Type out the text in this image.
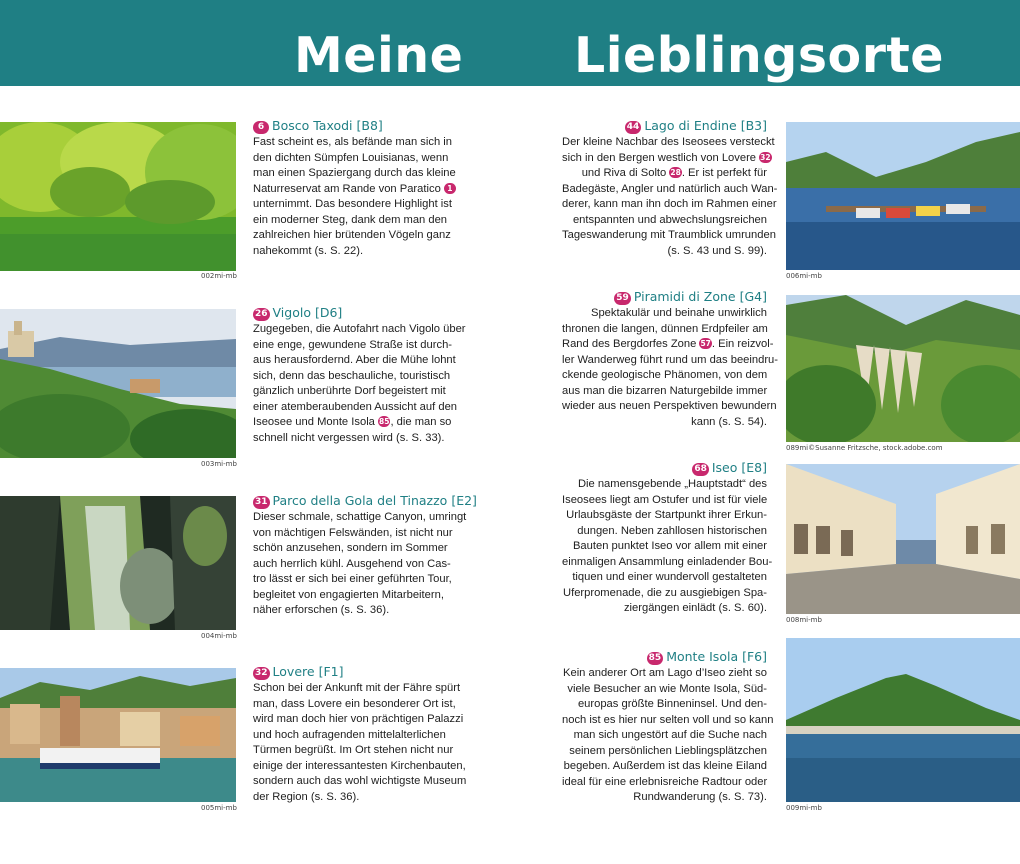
Meine Lieblingsorte
002mi-mb
003mi-mb
004mi-mb
005mi-mb
006mi-mb
089mi©Susanne Fritzsche, stock.adobe.com
008mi-mb
009mi-mb
6 Bosco Taxodi [B8]
Fast scheint es, als befände man sich in
den dichten Sümpfen Louisianas, wenn
man einen Spaziergang durch das kleine
Naturreservat am Rande von Paratico 1
unternimmt. Das besondere Highlight ist
ein moderner Steg, dank dem man den
zahlreichen hier brütenden Vögeln ganz
nahekommt (s. S. 22).
26 Vigolo [D6]
Zugegeben, die Autofahrt nach Vigolo über
eine enge, gewundene Straße ist durch-
aus herausfordernd. Aber die Mühe lohnt
sich, denn das beschauliche, touristisch
gänzlich unberührte Dorf begeistert mit
einer atemberaubenden Aussicht auf den
Iseosee und Monte Isola 85, die man so
schnell nicht vergessen wird (s. S. 33).
31 Parco della Gola del Tinazzo [E2]
Dieser schmale, schattige Canyon, umringt
von mächtigen Felswänden, ist nicht nur
schön anzusehen, sondern im Sommer
auch herrlich kühl. Ausgehend von Cas-
tro lässt er sich bei einer geführten Tour,
begleitet von engagierten Mitarbeitern,
näher erforschen (s. S. 36).
32 Lovere [F1]
Schon bei der Ankunft mit der Fähre spürt
man, dass Lovere ein besonderer Ort ist,
wird man doch hier von prächtigen Palazzi
und hoch aufragenden mittelalterlichen
Türmen begrüßt. Im Ort stehen nicht nur
einige der interessantesten Kirchenbauten,
sondern auch das wohl wichtigste Museum
der Region (s. S. 36).
44 Lago di Endine [B3]
Der kleine Nachbar des Iseosees versteckt
sich in den Bergen westlich von Lovere 32
und Riva di Solto 28. Er ist perfekt für
Badegäste, Angler und natürlich auch Wan-
derer, kann man ihn doch im Rahmen einer
entspannten und abwechslungsreichen
Tageswanderung mit Traumblick umrunden
(s. S. 43 und S. 99).
59 Piramidi di Zone [G4]
Spektakulär und beinahe unwirklich
thronen die langen, dünnen Erdpfeiler am
Rand des Bergdorfes Zone 57. Ein reizvol-
ler Wanderweg führt rund um das beeindru-
ckende geologische Phänomen, von dem
aus man die bizarren Naturgebilde immer
wieder aus neuen Perspektiven bewundern
kann (s. S. 54).
68 Iseo [E8]
Die namensgebende „Hauptstadt“ des
Iseosees liegt am Ostufer und ist für viele
Urlaubsgäste der Startpunkt ihrer Erkun-
dungen. Neben zahllosen historischen
Bauten punktet Iseo vor allem mit einer
einmaligen Ansammlung einladender Bou-
tiquen und einer wundervoll gestalteten
Uferpromenade, die zu ausgiebigen Spa-
ziergängen einlädt (s. S. 60).
85 Monte Isola [F6]
Kein anderer Ort am Lago d’Iseo zieht so
viele Besucher an wie Monte Isola, Süd-
europas größte Binneninsel. Und den-
noch ist es hier nur selten voll und so kann
man sich ungestört auf die Suche nach
seinem persönlichen Lieblingsplätzchen
begeben. Außerdem ist das kleine Eiland
ideal für eine erlebnisreiche Radtour oder
Rundwanderung (s. S. 73).
